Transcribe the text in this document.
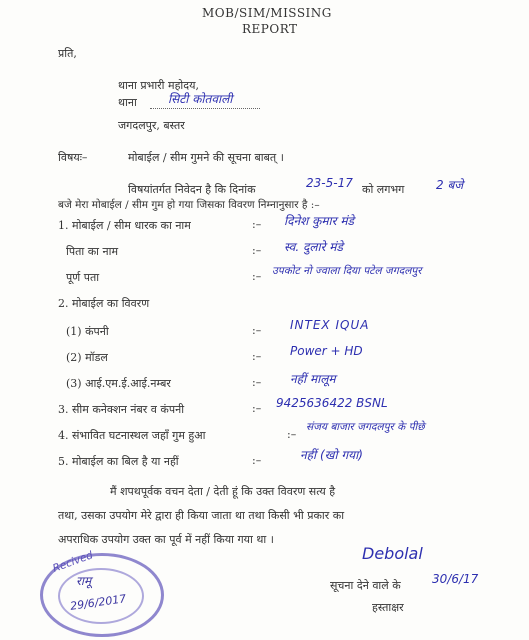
MOB/SIM/MISSING
REPORT
प्रति,
थाना प्रभारी महोदय,
थाना	सिटी कोतवाली
जगदलपुर, बस्तर
विषयः–	मोबाईल / सीम गुमने की सूचना बाबत् ।
विषयांतर्गत निवेदन है कि दिनांक	23-5-17 को लगभग	2 बजे
बजे मेरा मोबाईल / सीम गुम हो गया जिसका विवरण निम्नानुसार है :–
1. मोबाईल / सीम धारक का नाम	:– दिनेश कुमार मंडे
पिता का नाम	:– स्व. दुलारे मंडे
पूर्ण पता	:– उपकोट नो ज्वाला दिया पटेल जगदलपुर
2. मोबाईल का विवरण
(1) कंपनी	:– INTEX IQUA
(2) मॉडल	:– Power + HD
(3) आई.एम.ई.आई.नम्बर	:– नहीं मालूम
3. सीम कनेक्शन नंबर व कंपनी	:– 9425636422 BSNL
4. संभावित घटनास्थल जहाँ गुम हुआ	:–
संजय बाजार जगदलपुर के पीछे
5. मोबाईल का बिल है या नहीं	:–	नहीं (खो गया)
मैं शपथपूर्वक वचन देता / देती हूं कि उक्त विवरण सत्य है
तथा, उसका उपयोग मेरे द्वारा ही किया जाता था तथा किसी भी प्रकार का
अपराधिक उपयोग उक्त का पूर्व में नहीं किया गया था ।
Recived
रामू
29/6/2017
Debolal
सूचना देने वाले के	30/6/17
हस्ताक्षर
